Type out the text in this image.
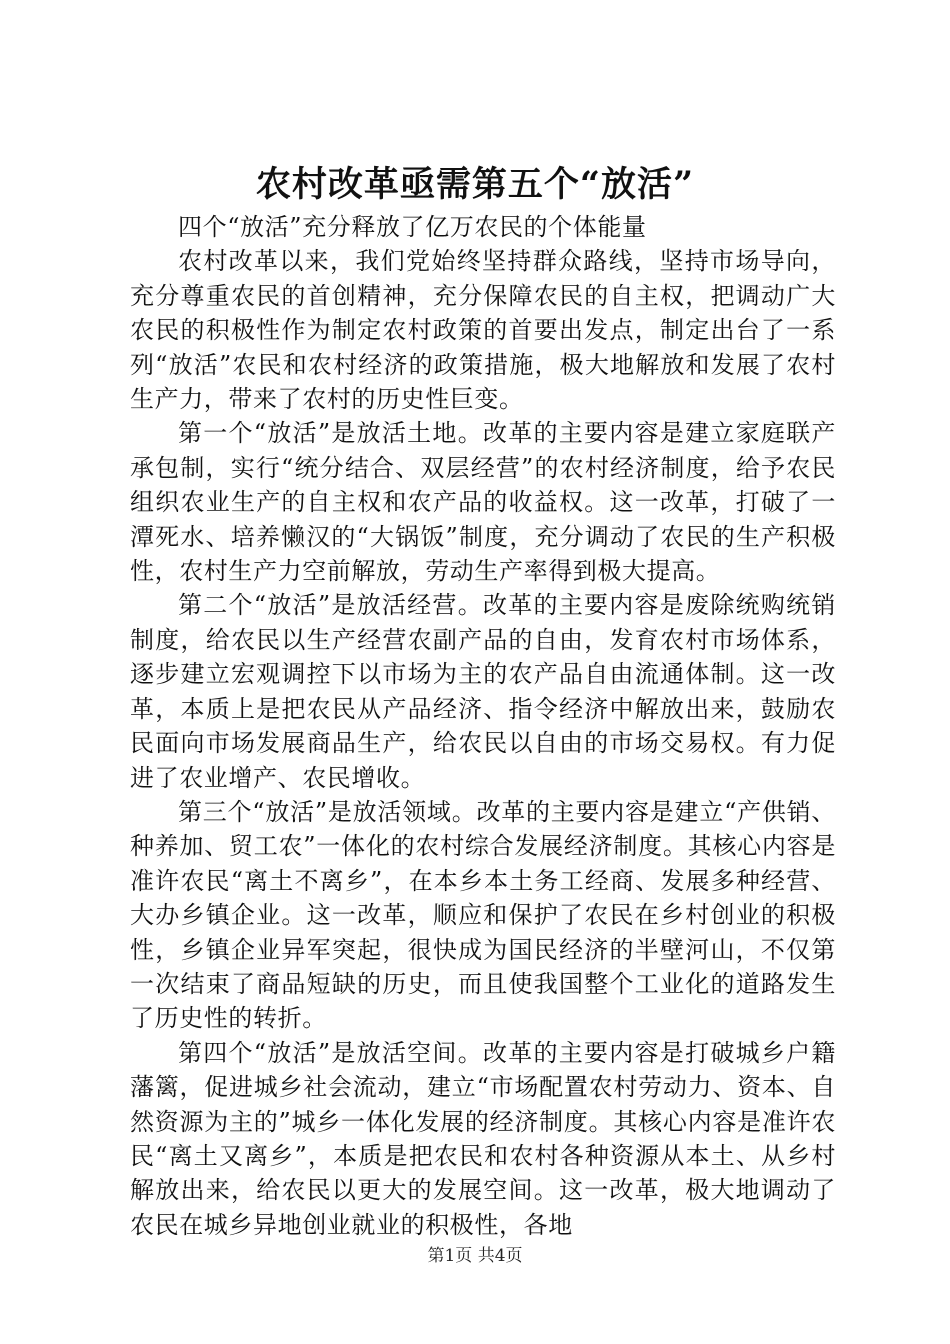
农村改革亟需第五个“放活”

四个“放活”充分释放了亿万农民的个体能量

农村改革以来，我们党始终坚持群众路线，坚持市场导向，充分尊重农民的首创精神，充分保障农民的自主权，把调动广大农民的积极性作为制定农村政策的首要出发点，制定出台了一系列“放活”农民和农村经济的政策措施，极大地解放和发展了农村生产力，带来了农村的历史性巨变。

第一个“放活”是放活土地。改革的主要内容是建立家庭联产承包制，实行“统分结合、双层经营”的农村经济制度，给予农民组织农业生产的自主权和农产品的收益权。这一改革，打破了一潭死水、培养懒汉的“大锅饭”制度，充分调动了农民的生产积极性，农村生产力空前解放，劳动生产率得到极大提高。

第二个“放活”是放活经营。改革的主要内容是废除统购统销制度，给农民以生产经营农副产品的自由，发育农村市场体系，逐步建立宏观调控下以市场为主的农产品自由流通体制。这一改革，本质上是把农民从产品经济、指令经济中解放出来，鼓励农民面向市场发展商品生产，给农民以自由的市场交易权。有力促进了农业增产、农民增收。

第三个“放活”是放活领域。改革的主要内容是建立“产供销、种养加、贸工农”一体化的农村综合发展经济制度。其核心内容是准许农民“离土不离乡”，在本乡本土务工经商、发展多种经营、大办乡镇企业。这一改革，顺应和保护了农民在乡村创业的积极性，乡镇企业异军突起，很快成为国民经济的半壁河山，不仅第一次结束了商品短缺的历史，而且使我国整个工业化的道路发生了历史性的转折。

第四个“放活”是放活空间。改革的主要内容是打破城乡户籍藩篱，促进城乡社会流动，建立“市场配置农村劳动力、资本、自然资源为主的”城乡一体化发展的经济制度。其核心内容是准许农民“离土又离乡”，本质是把农民和农村各种资源从本土、从乡村解放出来，给农民以更大的发展空间。这一改革，极大地调动了农民在城乡异地创业就业的积极性，各地

第1页 共4页
